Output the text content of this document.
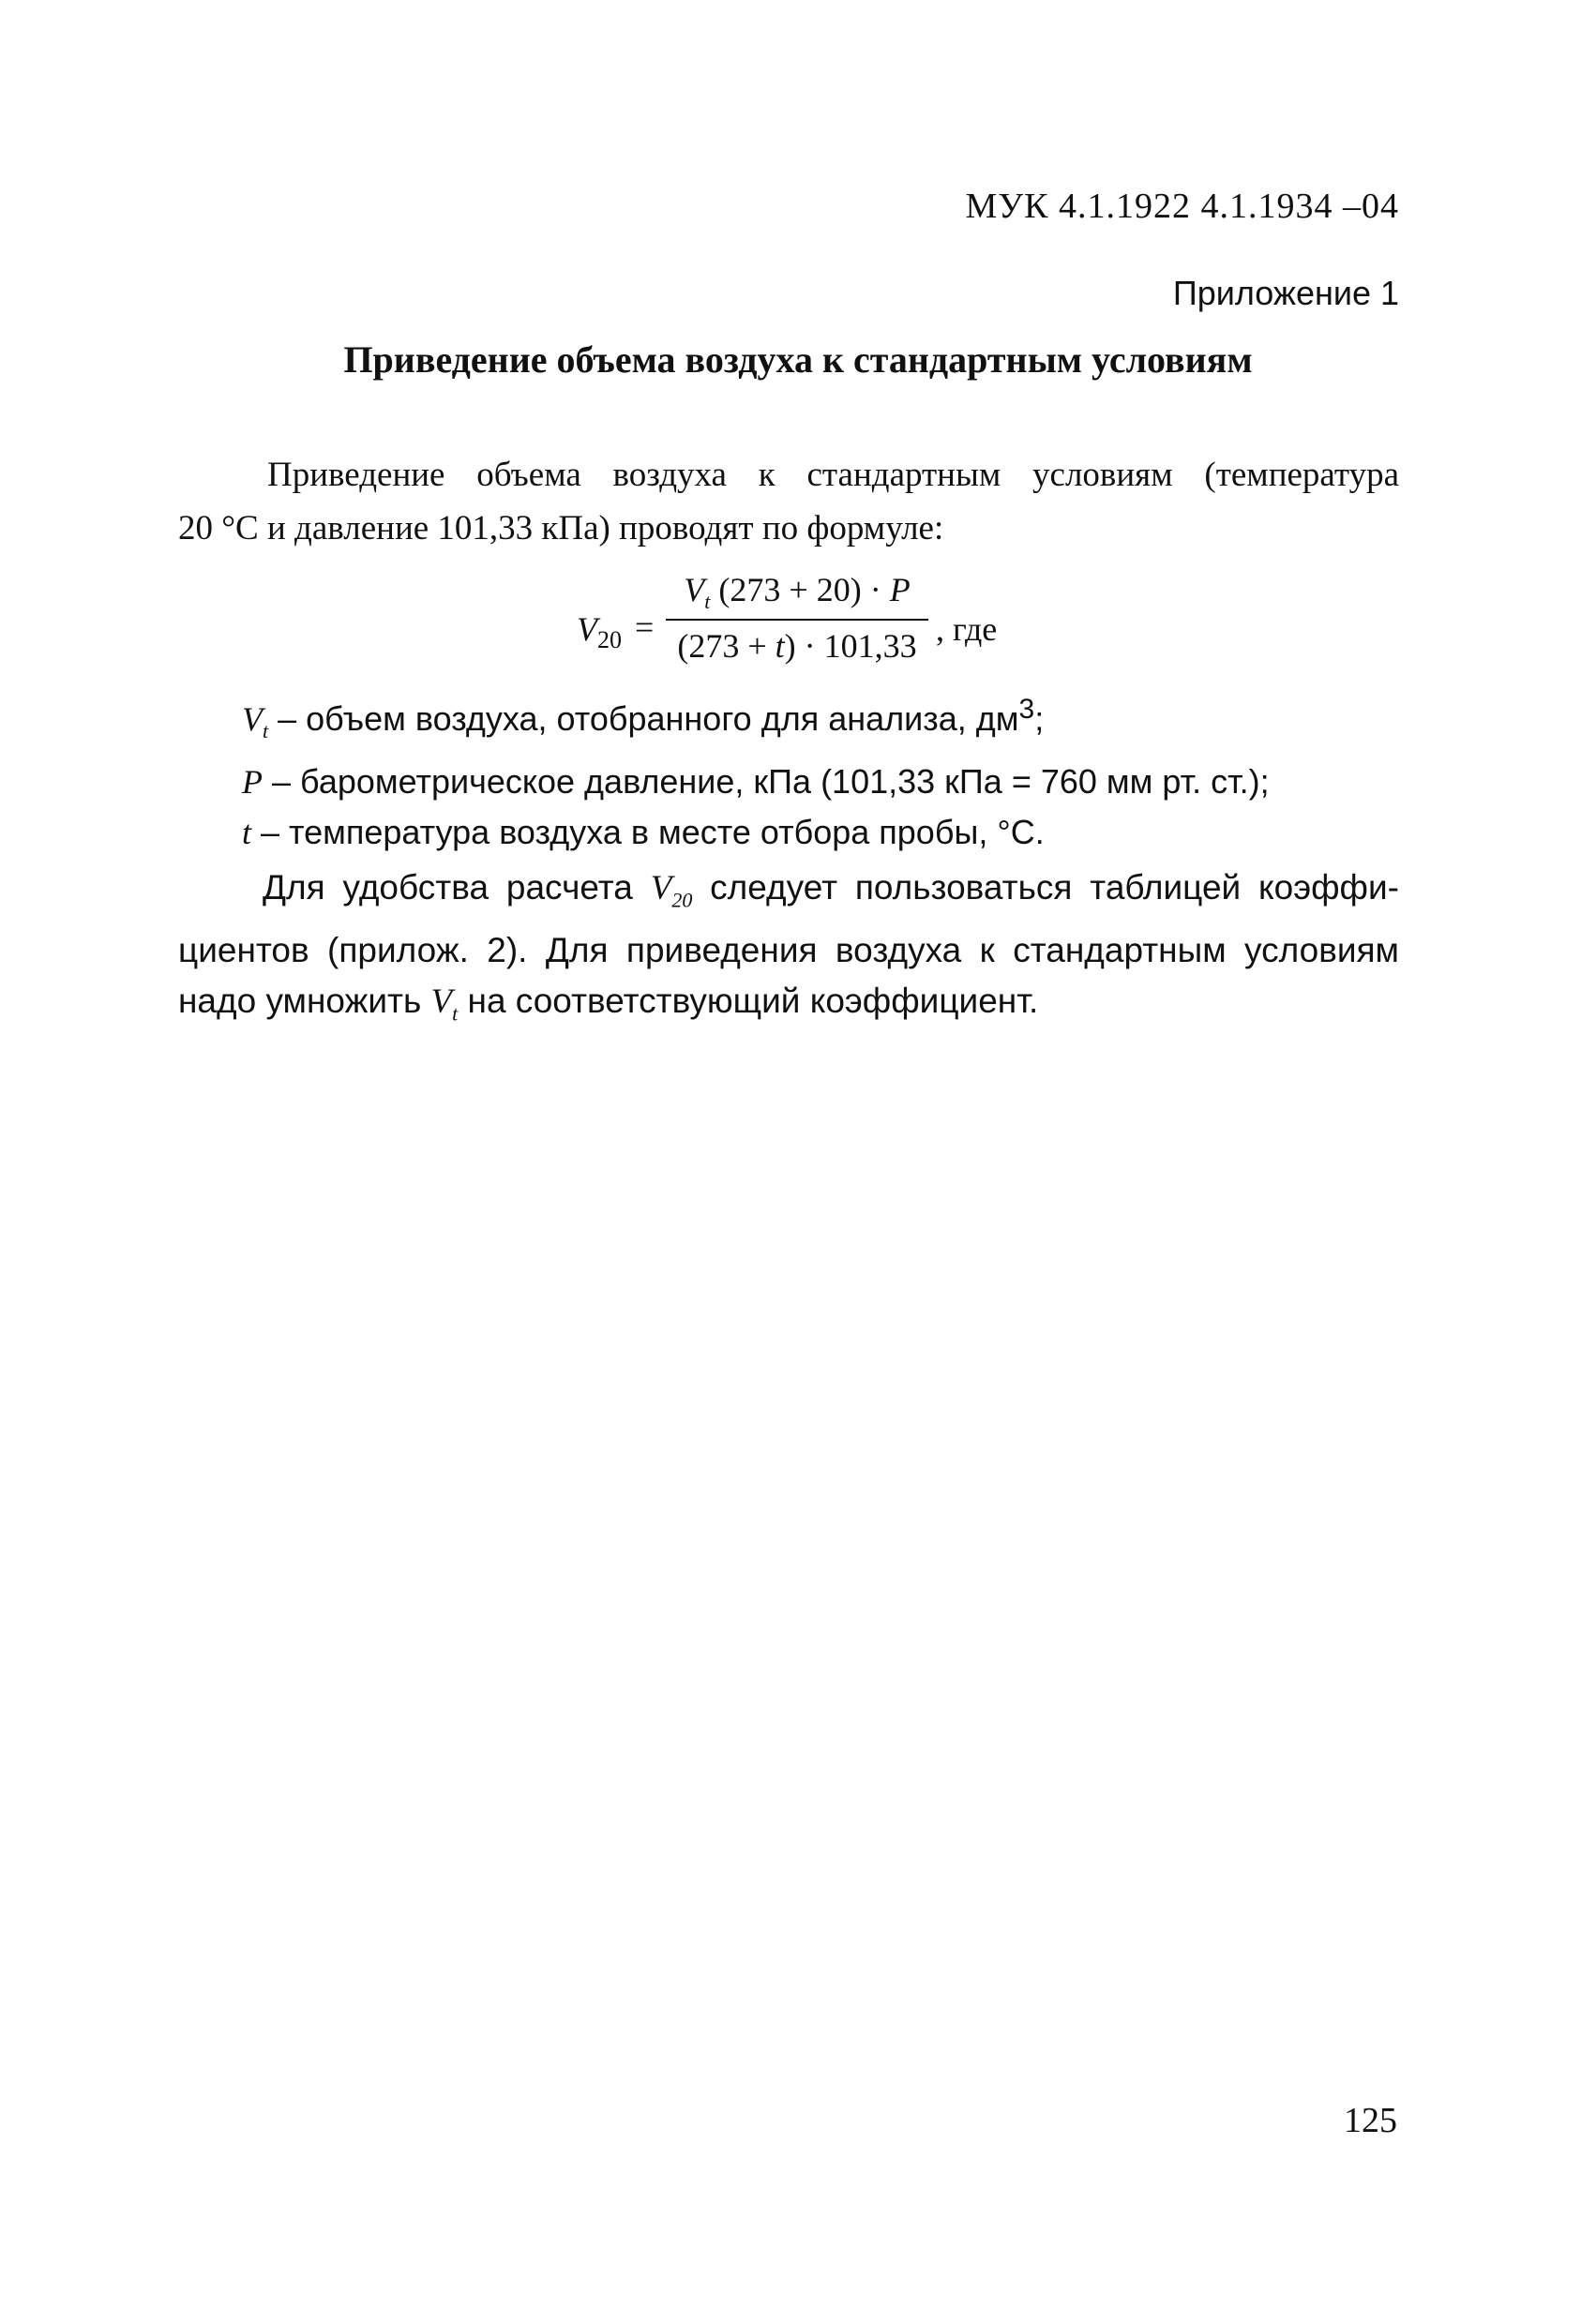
МУК 4.1.1922 4.1.1934 –04
Приложение 1
Приведение объема воздуха к стандартным условиям
Приведение объема воздуха к стандартным условиям (температура
20 °С и давление 101,33 кПа) проводят по формуле:
$V_{20}$ =
$V_t$ (273 + 20) · P
(273 + t) · 101,33 , где
$V_t$ – объем воздуха, отобранного для анализа, $дм^3$;
P – барометрическое давление, кПа (101,33 кПа = 760 мм рт. ст.);
t – температура воздуха в месте отбора пробы, °С.
Для удобства расчета $V_{20}$ следует пользоваться таблицей коэффи-
циентов (прилож. 2). Для приведения воздуха к стандартным условиям
надо умножить $V_t$ на соответствующий коэффициент.
125
